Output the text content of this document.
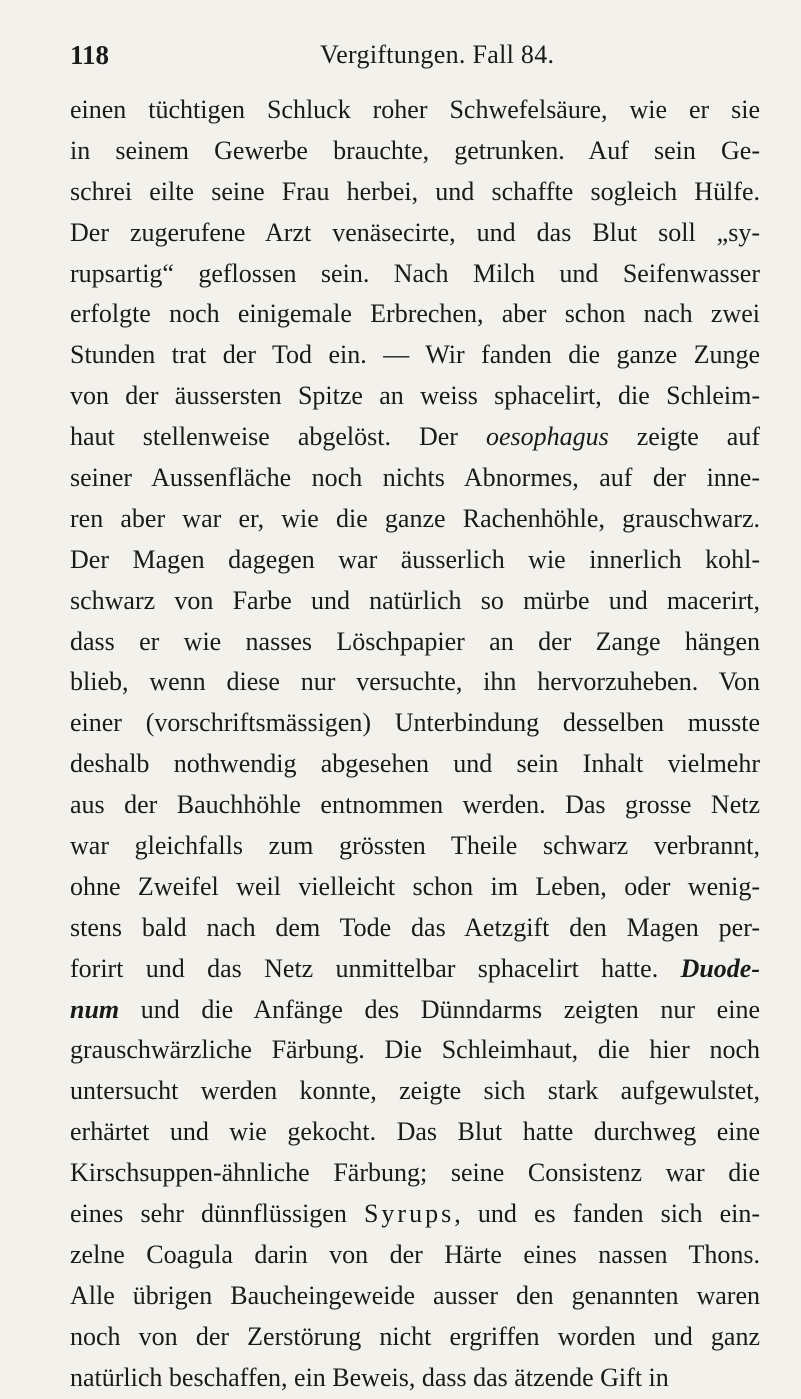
118	Vergiftungen. Fall 84.
einen tüchtigen Schluck roher Schwefelsäure, wie er sie
in seinem Gewerbe brauchte, getrunken. Auf sein Ge-
schrei eilte seine Frau herbei, und schaffte sogleich Hülfe.
Der zugerufene Arzt venäsecirte, und das Blut soll „sy-
rupsartig“ geflossen sein. Nach Milch und Seifenwasser
erfolgte noch einigemale Erbrechen, aber schon nach zwei
Stunden trat der Tod ein. — Wir fanden die ganze Zunge
von der äussersten Spitze an weiss sphacelirt, die Schleim-
haut stellenweise abgelöst. Der oesophagus zeigte auf
seiner Aussenfläche noch nichts Abnormes, auf der inne-
ren aber war er, wie die ganze Rachenhöhle, grauschwarz.
Der Magen dagegen war äusserlich wie innerlich kohl-
schwarz von Farbe und natürlich so mürbe und macerirt,
dass er wie nasses Löschpapier an der Zange hängen
blieb, wenn diese nur versuchte, ihn hervorzuheben. Von
einer (vorschriftsmässigen) Unterbindung desselben musste
deshalb nothwendig abgesehen und sein Inhalt vielmehr
aus der Bauchhöhle entnommen werden. Das grosse Netz
war gleichfalls zum grössten Theile schwarz verbrannt,
ohne Zweifel weil vielleicht schon im Leben, oder wenig-
stens bald nach dem Tode das Aetzgift den Magen per-
forirt und das Netz unmittelbar sphacelirt hatte. Duode-
num und die Anfänge des Dünndarms zeigten nur eine
grauschwärzliche Färbung. Die Schleimhaut, die hier noch
untersucht werden konnte, zeigte sich stark aufgewulstet,
erhärtet und wie gekocht. Das Blut hatte durchweg eine
Kirschsuppen-ähnliche Färbung; seine Consistenz war die
eines sehr dünnflüssigen Syrups, und es fanden sich ein-
zelne Coagula darin von der Härte eines nassen Thons.
Alle übrigen Baucheingeweide ausser den genannten waren
noch von der Zerstörung nicht ergriffen worden und ganz
natürlich beschaffen, ein Beweis, dass das ätzende Gift in
